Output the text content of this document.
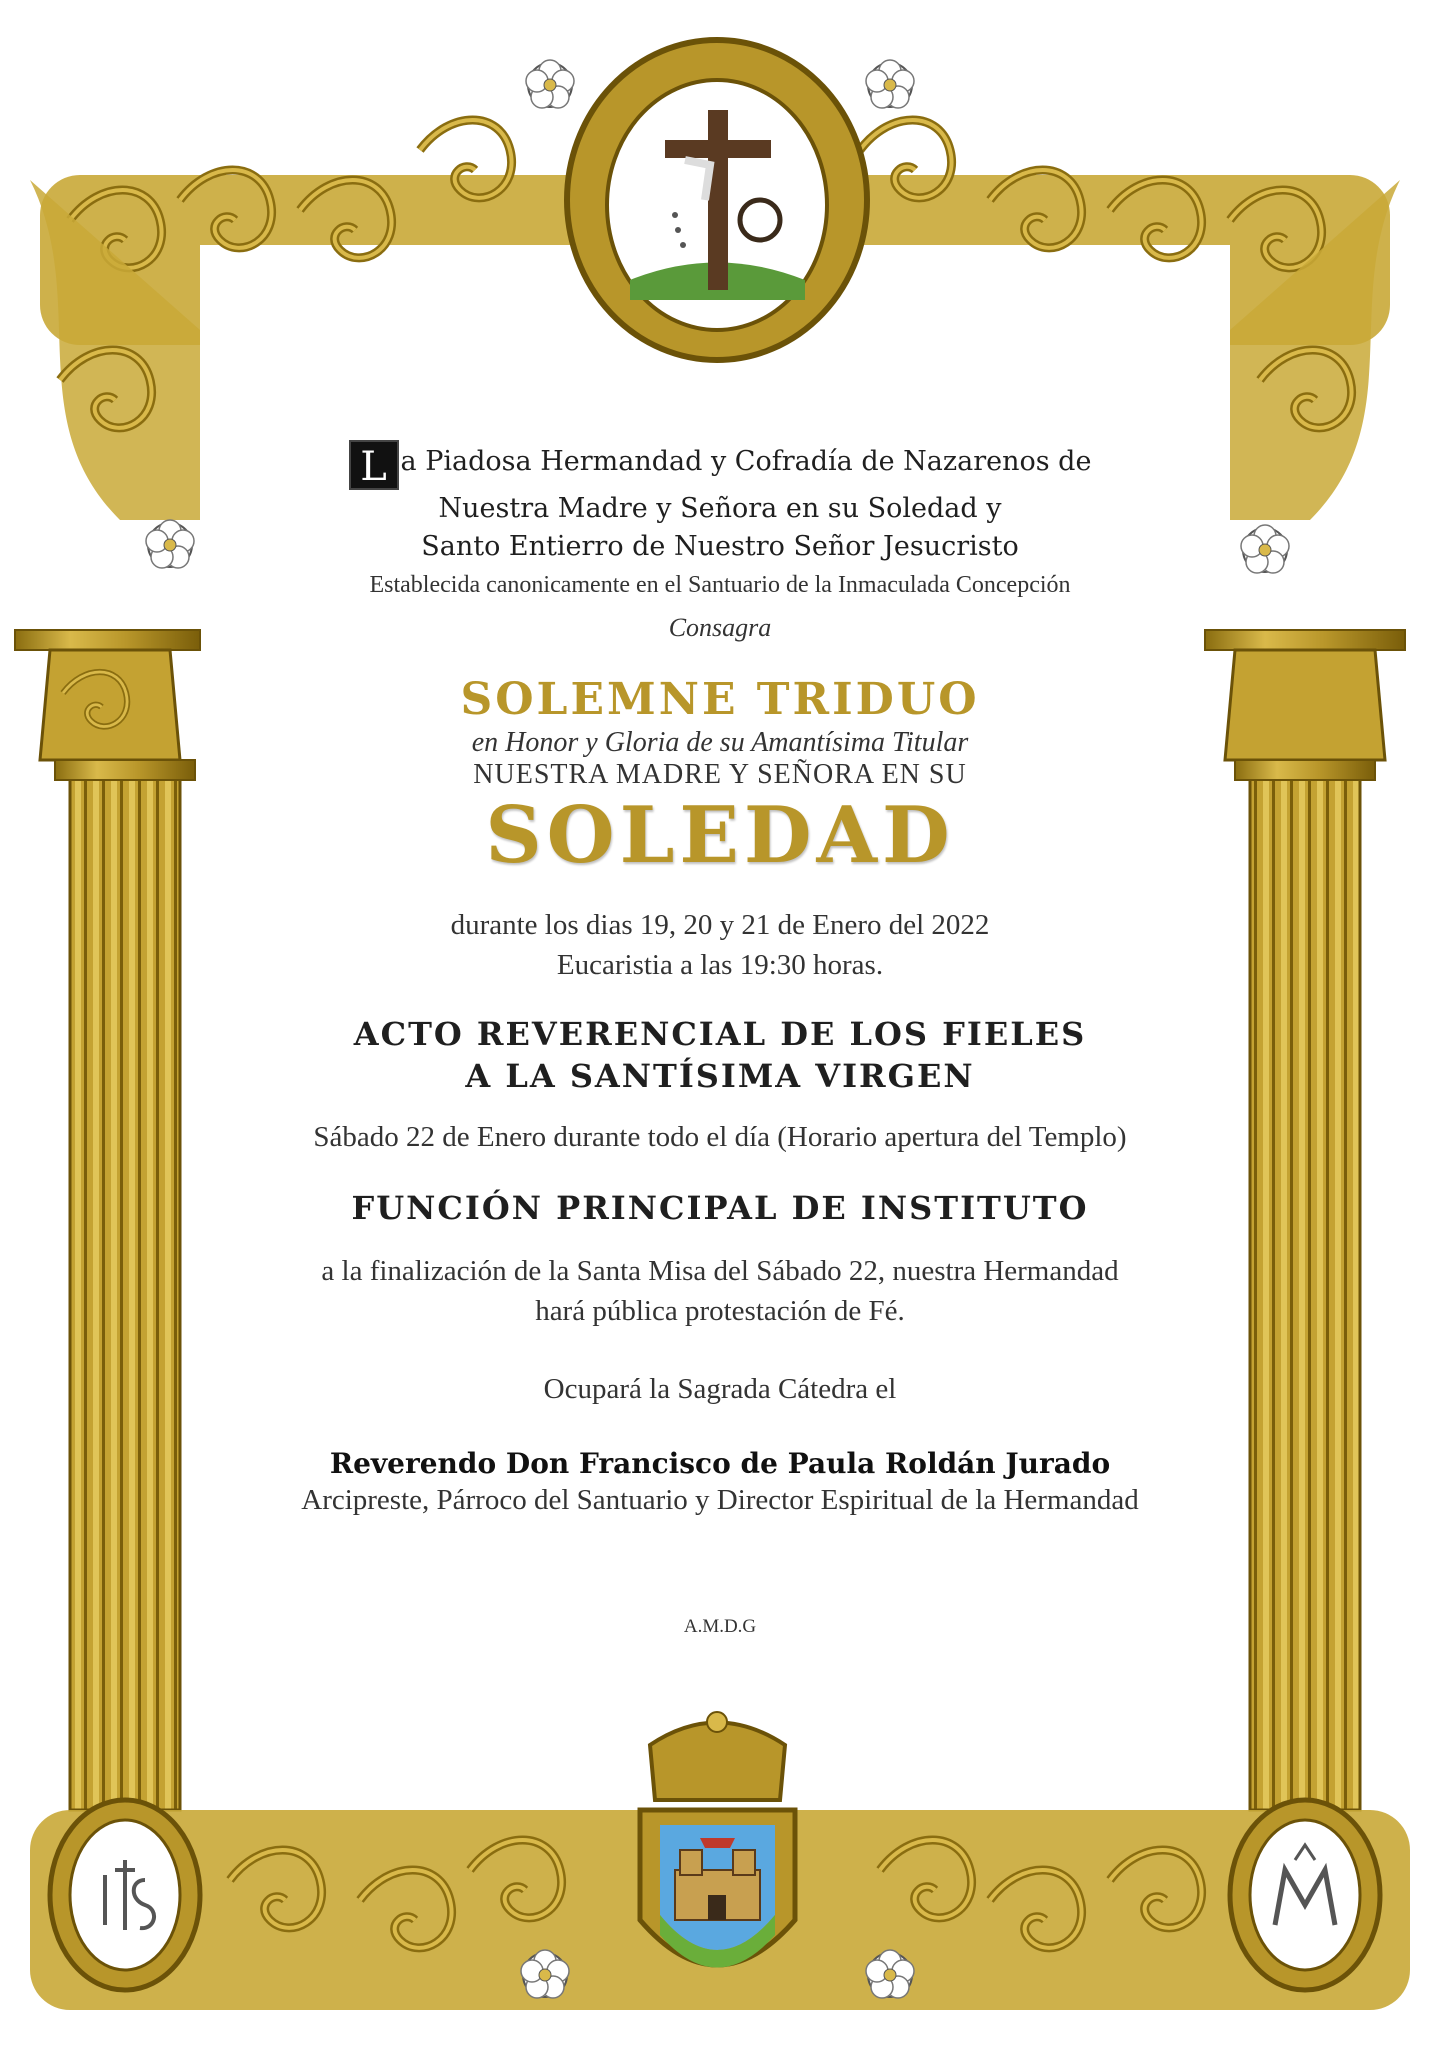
L a Piadosa Hermandad y Cofradía de Nazarenos de
Nuestra Madre y Señora en su Soledad y
Santo Entierro de Nuestro Señor Jesucristo
Establecida canonicamente en el Santuario de la Inmaculada Concepción
Consagra
SOLEMNE TRIDUO
en Honor y Gloria de su Amantísima Titular
NUESTRA MADRE Y SEÑORA EN SU
SOLEDAD
durante los dias 19, 20 y 21 de Enero del 2022
Eucaristia a las 19:30 horas.
ACTO REVERENCIAL DE LOS FIELES
A LA SANTÍSIMA VIRGEN
Sábado 22 de Enero durante todo el día (Horario apertura del Templo)
FUNCIÓN PRINCIPAL DE INSTITUTO
a la finalización de la Santa Misa del Sábado 22, nuestra Hermandad
hará pública protestación de Fé.
Ocupará la Sagrada Cátedra el
Reverendo Don Francisco de Paula Roldán Jurado
Arcipreste, Párroco del Santuario y Director Espiritual de la Hermandad
A.M.D.G
